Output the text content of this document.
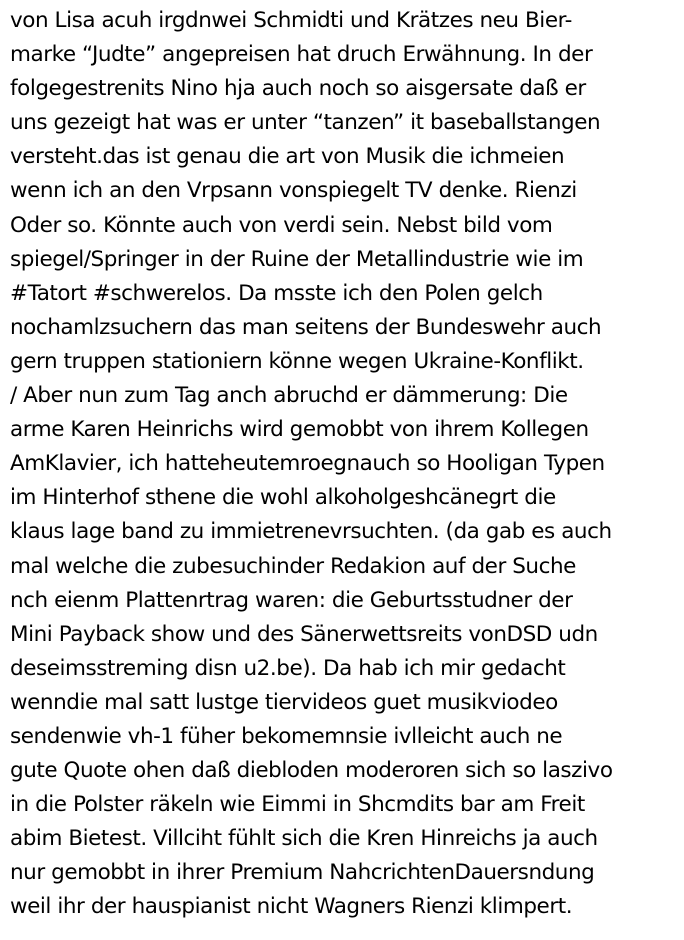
von Lisa acuh irgdnwei Schmidti und Krätzes neu Bier-
marke “Judte” angepreisen hat druch Erwähnung. In der
folgegestrenits Nino hja auch noch so aisgersate daß er
uns gezeigt hat was er unter “tanzen” it baseballstangen
versteht.das ist genau die art von Musik die ichmeien
wenn ich an den Vrpsann vonspiegelt TV denke. Rienzi
Oder so. Könnte auch von verdi sein. Nebst bild vom
spiegel/Springer in der Ruine der Metallindustrie wie im
#Tatort #schwerelos. Da msste ich den Polen gelch
nochamlzsuchern das man seitens der Bundeswehr auch
gern truppen stationiern könne wegen Ukraine-Konflikt.
/ Aber nun zum Tag anch abruchd er dämmerung: Die
arme Karen Heinrichs wird gemobbt von ihrem Kollegen
AmKlavier, ich hatteheutemroegnauch so Hooligan Typen
im Hinterhof sthene die wohl alkoholgeshcänegrt die
klaus lage band zu immietrenevrsuchten. (da gab es auch
mal welche die zubesuchinder Redakion auf der Suche
nch eienm Plattenrtrag waren: die Geburtsstudner der
Mini Payback show und des Sänerwettsreits vonDSD udn
deseimsstreming disn u2.be). Da hab ich mir gedacht
wenndie mal satt lustge tiervideos guet musikviodeo
sendenwie vh-1 füher bekomemnsie ivlleicht auch ne
gute Quote ohen daß diebloden moderoren sich so laszivo
in die Polster räkeln wie Eimmi in Shcmdits bar am Freit
abim Bietest. Villciht fühlt sich die Kren Hinreichs ja auch
nur gemobbt in ihrer Premium NahcrichtenDauersndung
weil ihr der hauspianist nicht Wagners Rienzi klimpert.
